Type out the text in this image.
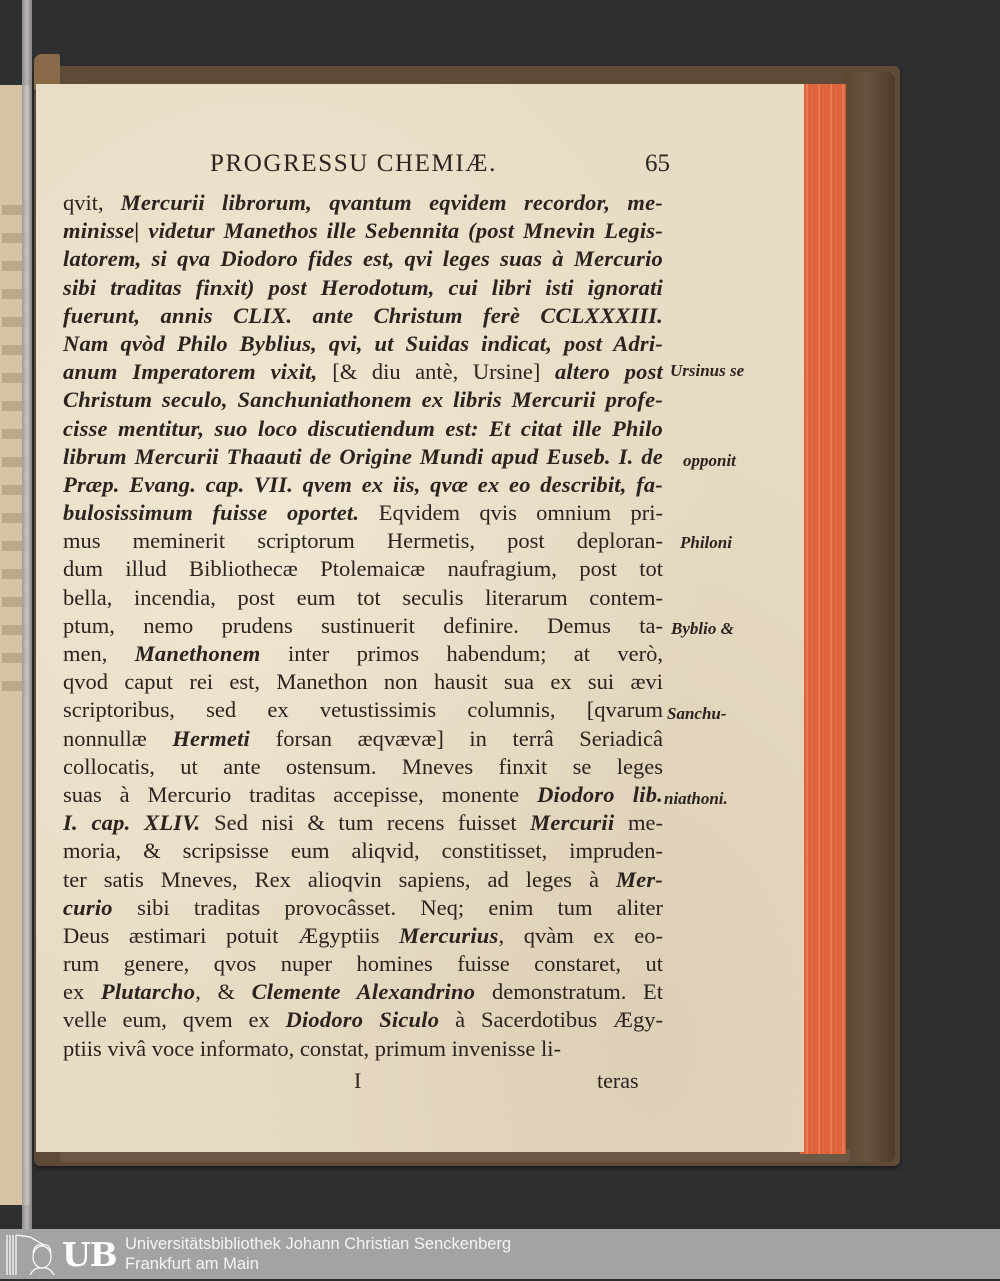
PROGRESSU CHEMIÆ.	65
qvit, Mercurii librorum, qvantum eqvidem recordor, me-
minisse| videtur Manethos ille Sebennita (post Mnevin Legis-
latorem, si qva Diodoro fides est, qvi leges suas à Mercurio
sibi traditas finxit) post Herodotum, cui libri isti ignorati
fuerunt, annis CLIX. ante Christum ferè CCLXXXIII.
Nam qvòd Philo Byblius, qvi, ut Suidas indicat, post Adri-
anum Imperatorem vixit, [& diu antè, Ursine] altero post
Christum seculo, Sanchuniathonem ex libris Mercurii profe-
cisse mentitur, suo loco discutiendum est: Et citat ille Philo
librum Mercurii Thaauti de Origine Mundi apud Euseb. I. de
Præp. Evang. cap. VII. qvem ex iis, qvæ ex eo describit, fa-
bulosissimum fuisse oportet. Eqvidem qvis omnium pri-
mus meminerit scriptorum Hermetis, post deploran-
dum illud Bibliothecæ Ptolemaicæ naufragium, post tot
bella, incendia, post eum tot seculis literarum contem-
ptum, nemo prudens sustinuerit definire. Demus ta-
men, Manethonem inter primos habendum; at verò,
qvod caput rei est, Manethon non hausit sua ex sui ævi
scriptoribus, sed ex vetustissimis columnis, [qvarum
nonnullæ Hermeti forsan æqvævæ] in terrâ Seriadicâ
collocatis, ut ante ostensum. Mneves finxit se leges
suas à Mercurio traditas accepisse, monente Diodoro lib.
I. cap. XLIV. Sed nisi & tum recens fuisset Mercurii me-
moria, & scripsisse eum aliqvid, constitisset, impruden-
ter satis Mneves, Rex alioqvin sapiens, ad leges à Mer-
curio sibi traditas provocâsset. Neq; enim tum aliter
Deus æstimari potuit Ægyptiis Mercurius, qvàm ex eo-
rum genere, qvos nuper homines fuisse constaret, ut
ex Plutarcho, & Clemente Alexandrino demonstratum. Et
velle eum, qvem ex Diodoro Siculo à Sacerdotibus Ægy-
ptiis vivâ voce informato, constat, primum invenisse li-
I	teras
Ursinus se
opponit
Philoni
Byblio &
Sanchu-
niathoni.
UB Universitätsbibliothek Johann Christian Senckenberg
Frankfurt am Main
